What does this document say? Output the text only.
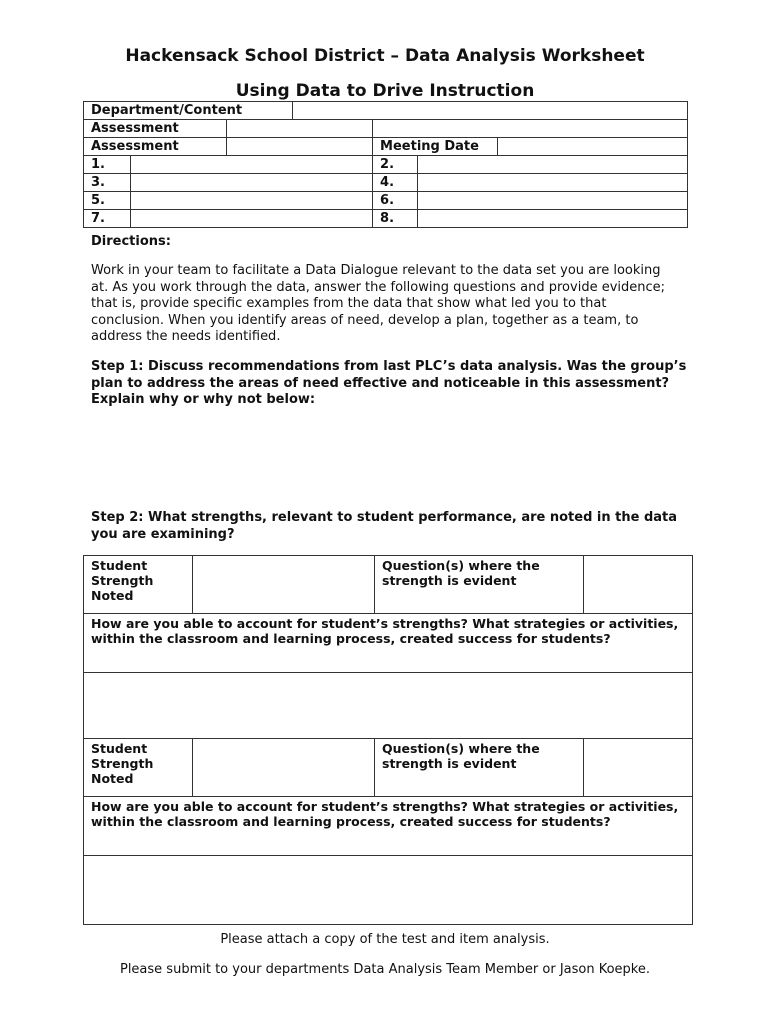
Hackensack School District – Data Analysis Worksheet
Using Data to Drive Instruction
Department/Content						
Assessment						
Assessment				Meeting Date		
1.				2.		
3.				4.		
5.				6.		
7.				8.		
Directions:
Work in your team to facilitate a Data Dialogue relevant to the data set you are looking at. As you work through the data, answer the following questions and provide evidence; that is, provide specific examples from the data that show what led you to that conclusion. When you identify areas of need, develop a plan, together as a team, to address the needs identified.
Step 1: Discuss recommendations from last PLC’s data analysis. Was the group’s plan to address the areas of need effective and noticeable in this assessment? Explain why or why not below:
Step 2: What strengths, relevant to student performance, are noted in the data you are examining?
Student Strength Noted		Question(s) where the strength is evident	
How are you able to account for student’s strengths? What strategies or activities, within the classroom and learning process, created success for students?

Student Strength Noted		Question(s) where the strength is evident	
How are you able to account for student’s strengths? What strategies or activities, within the classroom and learning process, created success for students?

Please attach a copy of the test and item analysis.
Please submit to your departments Data Analysis Team Member or Jason Koepke.
